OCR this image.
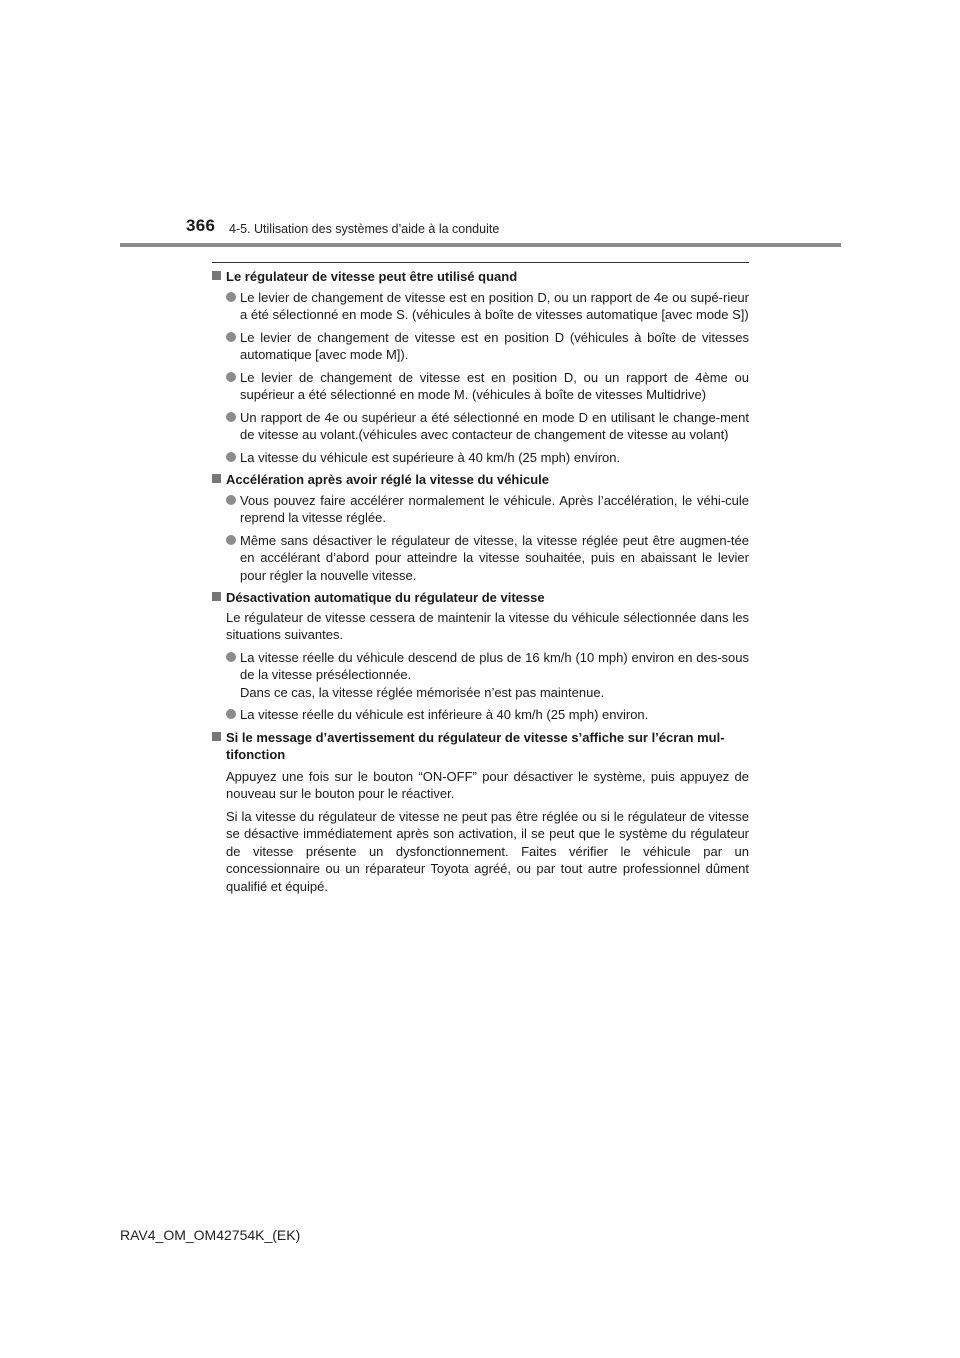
366 4-5. Utilisation des systèmes d’aide à la conduite
Le régulateur de vitesse peut être utilisé quand
Le levier de changement de vitesse est en position D, ou un rapport de 4e ou supé-rieur a été sélectionné en mode S. (véhicules à boîte de vitesses automatique [avec mode S])
Le levier de changement de vitesse est en position D (véhicules à boîte de vitesses automatique [avec mode M]).
Le levier de changement de vitesse est en position D, ou un rapport de 4ème ou supérieur a été sélectionné en mode M. (véhicules à boîte de vitesses Multidrive)
Un rapport de 4e ou supérieur a été sélectionné en mode D en utilisant le change-ment de vitesse au volant.(véhicules avec contacteur de changement de vitesse au volant)
La vitesse du véhicule est supérieure à 40 km/h (25 mph) environ.
Accélération après avoir réglé la vitesse du véhicule
Vous pouvez faire accélérer normalement le véhicule. Après l’accélération, le véhi-cule reprend la vitesse réglée.
Même sans désactiver le régulateur de vitesse, la vitesse réglée peut être augmen-tée en accélérant d’abord pour atteindre la vitesse souhaitée, puis en abaissant le levier pour régler la nouvelle vitesse.
Désactivation automatique du régulateur de vitesse
Le régulateur de vitesse cessera de maintenir la vitesse du véhicule sélectionnée dans les situations suivantes.
La vitesse réelle du véhicule descend de plus de 16 km/h (10 mph) environ en des-sous de la vitesse présélectionnée.
Dans ce cas, la vitesse réglée mémorisée n’est pas maintenue.
La vitesse réelle du véhicule est inférieure à 40 km/h (25 mph) environ.
Si le message d’avertissement du régulateur de vitesse s’affiche sur l’écran mul-tifonction
Appuyez une fois sur le bouton “ON-OFF” pour désactiver le système, puis appuyez de nouveau sur le bouton pour le réactiver.
Si la vitesse du régulateur de vitesse ne peut pas être réglée ou si le régulateur de vitesse se désactive immédiatement après son activation, il se peut que le système du régulateur de vitesse présente un dysfonctionnement. Faites vérifier le véhicule par un concessionnaire ou un réparateur Toyota agréé, ou par tout autre professionnel dûment qualifié et équipé.
RAV4_OM_OM42754K_(EK)
